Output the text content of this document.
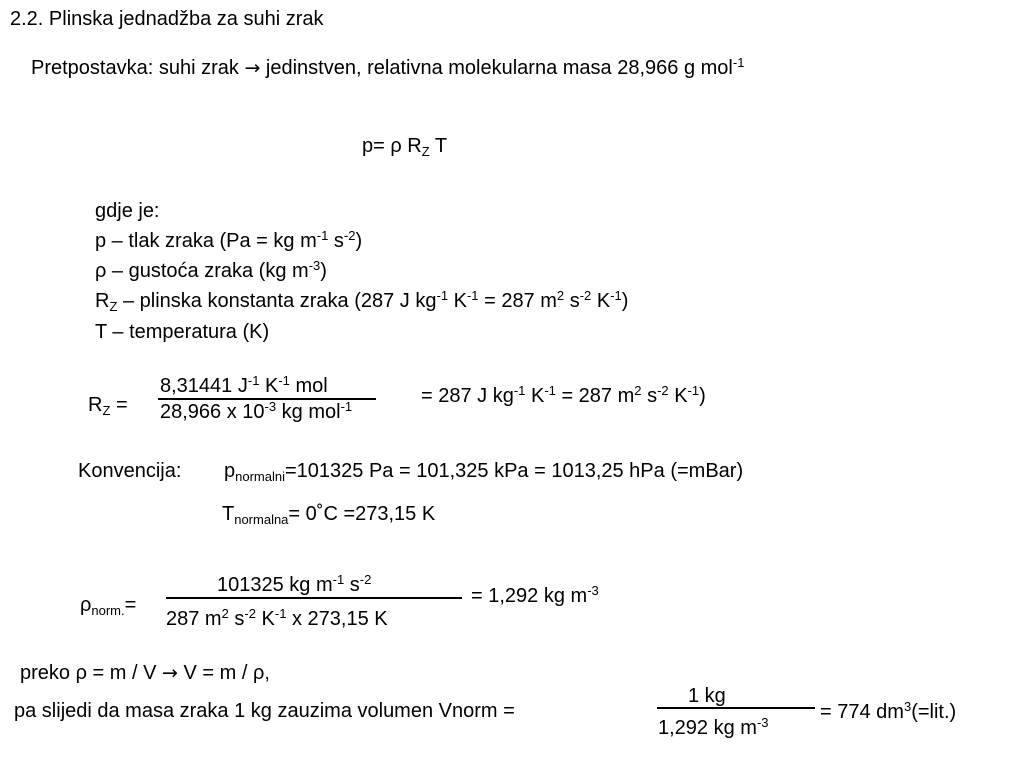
2.2. Plinska jednadžba za suhi zrak
Pretpostavka: suhi zrak → jedinstven, relativna molekularna masa 28,966 g mol$^{-1}$
p= ρ $R_Z$ T
gdje je:
p – tlak zraka (Pa = kg $m^{-1}$ $s^{-2}$)
ρ – gustoća zraka (kg $m^{-3}$)
$R_Z$ – plinska konstanta zraka (287 J $kg^{-1}$ $K^{-1} = 287$ $m^2$ $s^{-2}$ $K^{-1}$)
T – temperatura (K)
$R_Z$ =
8,31441 $J^{-1}$ $K^{-1}$ mol
28,966 x $10^{-3}$ kg mol$^{-1}$	= 287 J $kg^{-1}$ $K^{-1} = 287$ $m^2$ $s^{-2}$ $K^{-1}$)
Konvencija: $p_{normalni}=101325$ Pa = 101,325 kPa = 1013,25 hPa (=mBar)
$T_{normalna}=$ 0˚C =273,15 K
$\rho_{norm.}=$
101325 kg $m^{-1}$ $s^{-2}$
287 $m^2$ $s^{-2}$ $K^{-1}$ x 273,15 K
= 1,292 kg $m^{-3}$
preko ρ = m / V → V = m / ρ,
pa slijedi da masa zraka 1 kg zauzima volumen Vnorm =
1 kg
1,292 kg $m^{-3}$	= 774 $dm^3(=lit.)$
